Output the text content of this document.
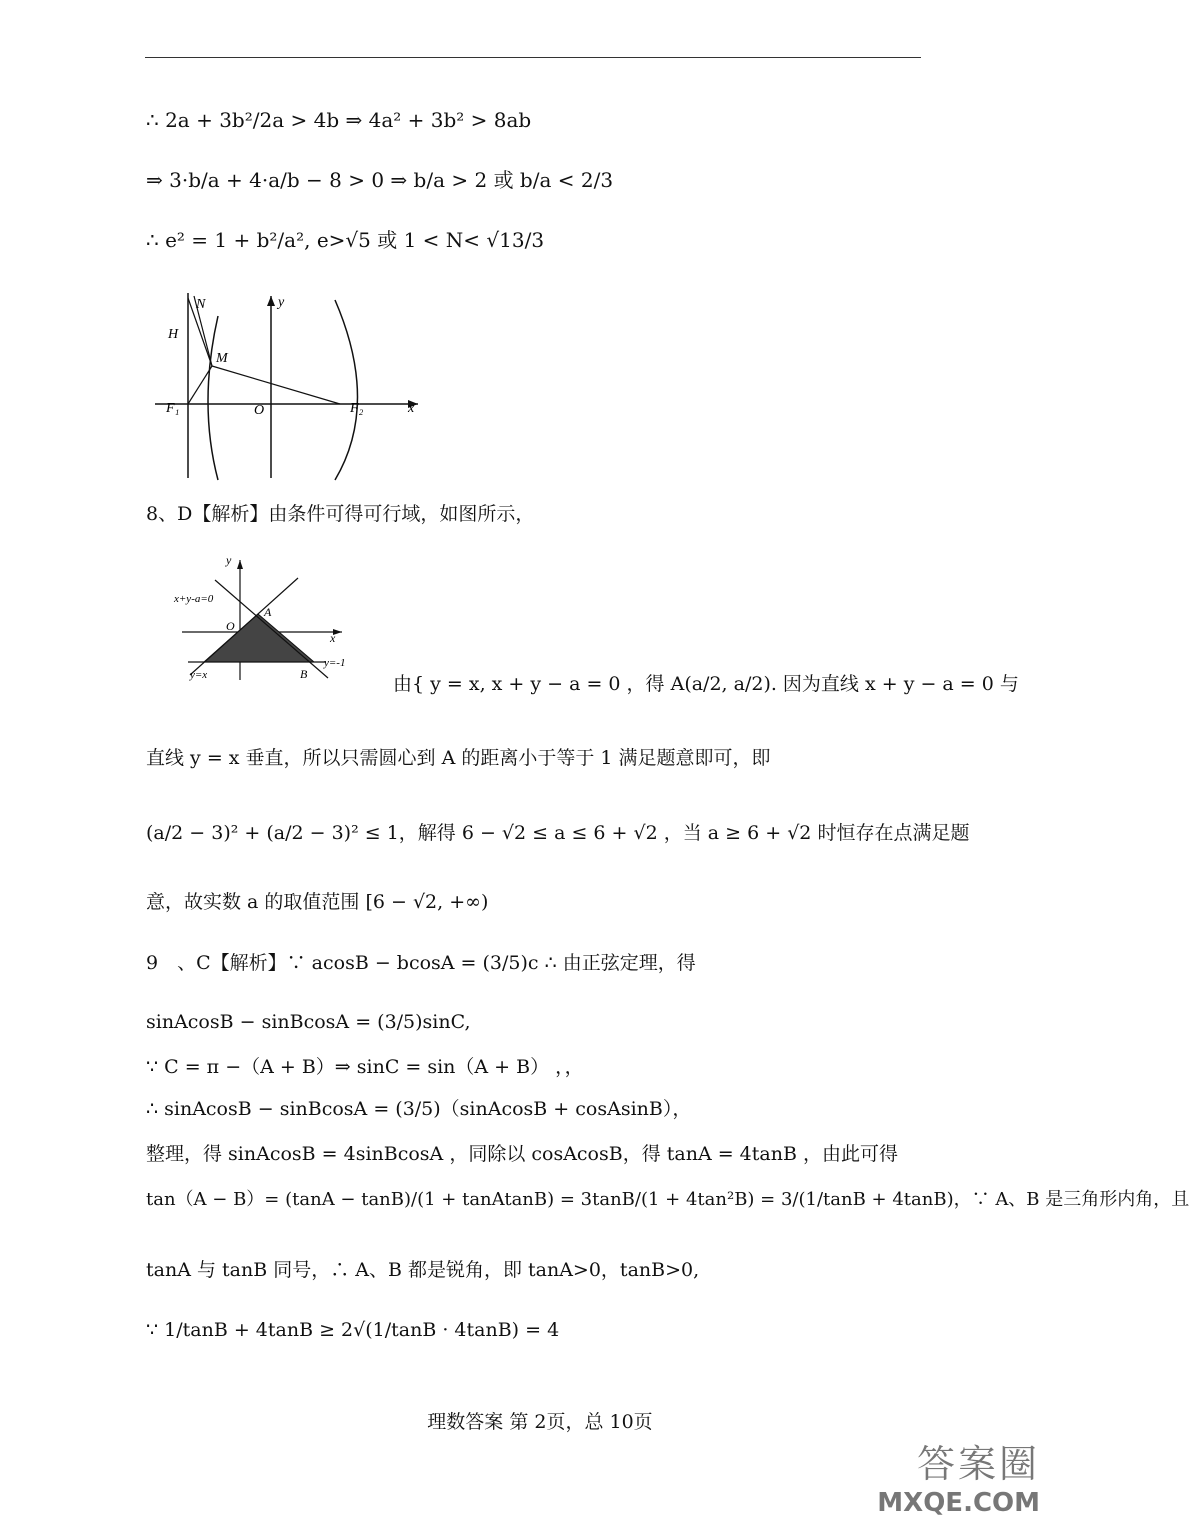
∴ 2a + 3b²/2a > 4b ⇒ 4a² + 3b² > 8ab
⇒ 3·b/a + 4·a/b − 8 > 0 ⇒ b/a > 2 或 b/a < 2/3
∴ e² = 1 + b²/a², e>√5 或 1 < N< √13/3
N
H
M
F₁	O	F₂	x
y
8、D【解析】由条件可得可行域，如图所示，
y
x+y-a=0
A
O
x
y=-1
y=x	B	由{ y = x, x + y − a = 0 ，得 A(a/2, a/2). 因为直线 x + y − a = 0 与
直线 y = x 垂直，所以只需圆心到 A 的距离小于等于 1 满足题意即可，即
(a/2 − 3)² + (a/2 − 3)² ≤ 1，解得 6 − √2 ≤ a ≤ 6 + √2 ，当 a ≥ 6 + √2 时恒存在点满足题
意，故实数 a 的取值范围 [6 − √2, +∞)
9　、C【解析】∵ acosB − bcosA = (3/5)c ∴ 由正弦定理，得
sinAcosB − sinBcosA = (3/5)sinC,
∵ C = π −（A + B）⇒ sinC = sin（A + B） ，，
∴ sinAcosB − sinBcosA = (3/5)（sinAcosB + cosAsinB），
整理，得 sinAcosB = 4sinBcosA ，同除以 cosAcosB，得 tanA = 4tanB ，由此可得
tan（A − B）= (tanA − tanB)/(1 + tanAtanB) = 3tanB/(1 + 4tan²B) = 3/(1/tanB + 4tanB)，∵ A、B 是三角形内角，且
tanA 与 tanB 同号，∴ A、B 都是锐角，即 tanA>0，tanB>0,
∵ 1/tanB + 4tanB ≥ 2√(1/tanB · 4tanB) = 4
理数答案 第 2页，总 10页
答案圈
MXQE.COM
